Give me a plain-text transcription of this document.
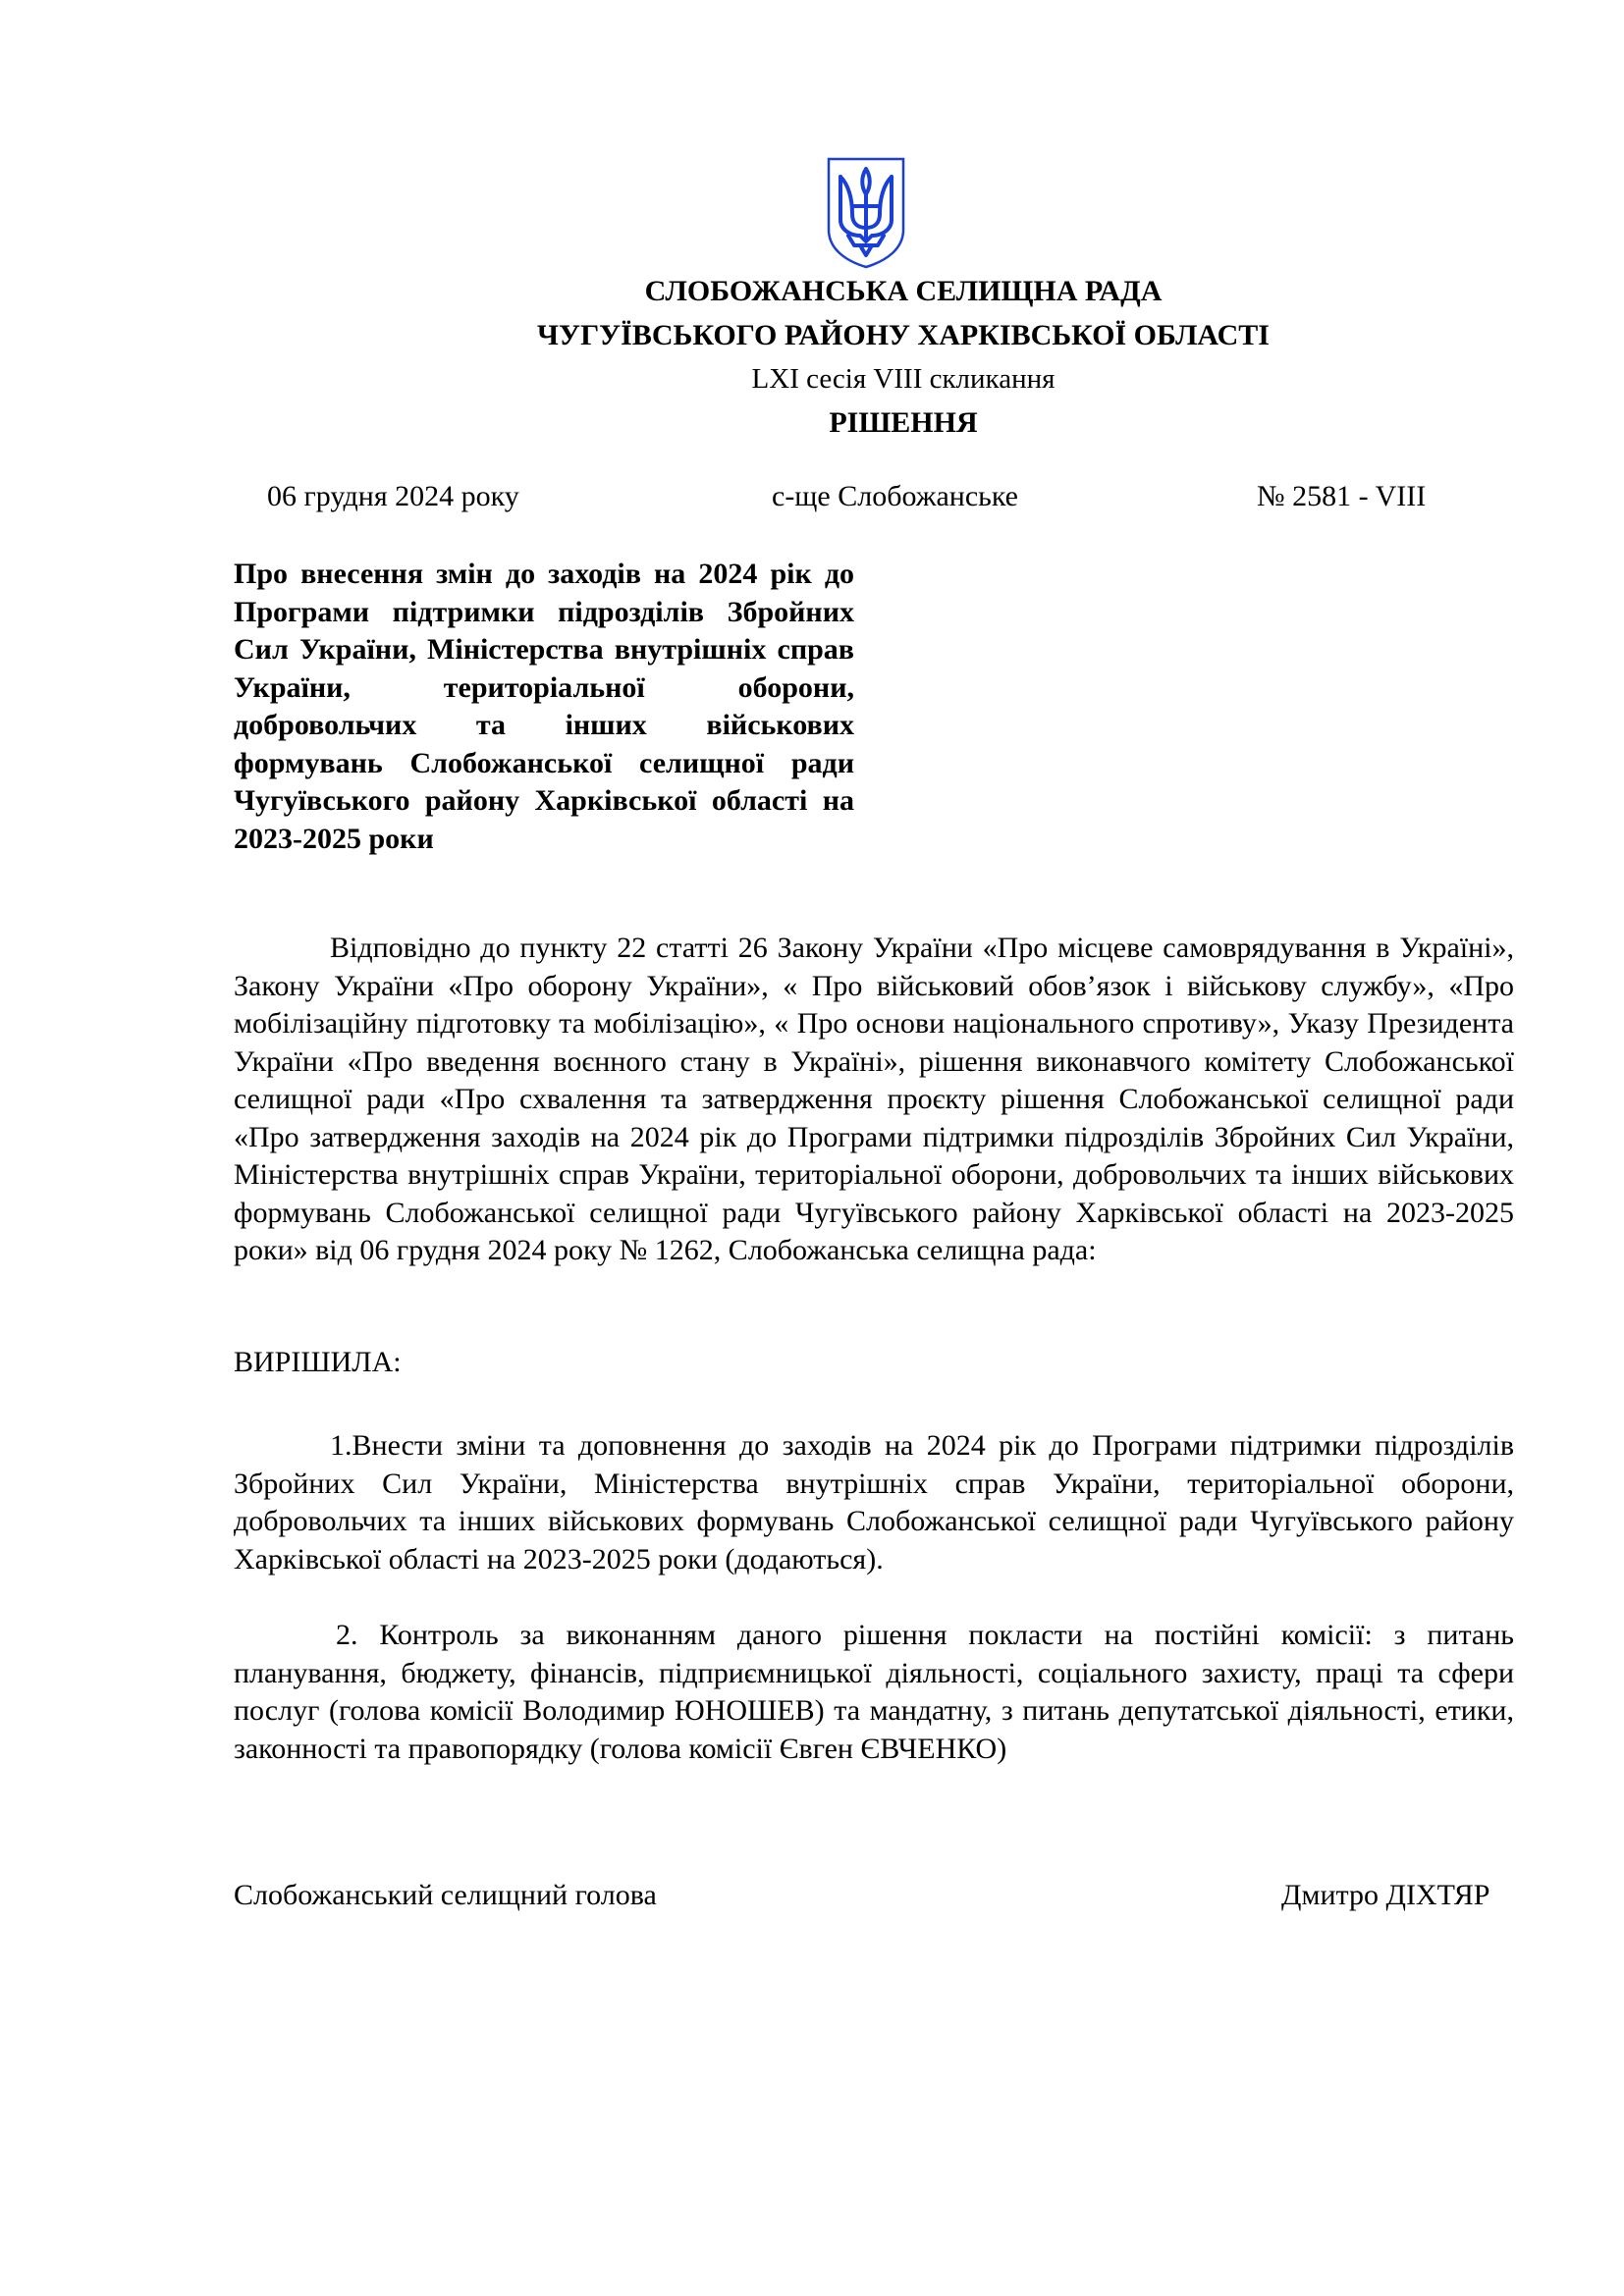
СЛОБОЖАНСЬКА СЕЛИЩНА РАДА
ЧУГУЇВСЬКОГО РАЙОНУ ХАРКІВСЬКОЇ ОБЛАСТІ
LXI сесія VIII скликання
РІШЕННЯ
06 грудня 2024 року	с-ще Слобожанське	№ 2581 - VIII
Про внесення змін до заходів на 2024 рік до Програми підтримки підрозділів Збройних Сил України, Міністерства внутрішніх справ України, територіальної оборони, добровольчих та інших військових формувань Слобожанської селищної ради Чугуївського району Харківської області на 2023-2025 роки
Відповідно до пункту 22 статті 26 Закону України «Про місцеве самоврядування в Україні», Закону України «Про оборону України», « Про військовий обов’язок і військову службу», «Про мобілізаційну підготовку та мобілізацію», « Про основи національного спротиву», Указу Президента України «Про введення воєнного стану в Україні», рішення виконавчого комітету Слобожанської селищної ради «Про схвалення та затвердження проєкту рішення Слобожанської селищної ради «Про затвердження заходів на 2024 рік до Програми підтримки підрозділів Збройних Сил України, Міністерства внутрішніх справ України, територіальної оборони, добровольчих та інших військових формувань Слобожанської селищної ради Чугуївського району Харківської області на 2023-2025 роки» від 06 грудня 2024 року № 1262, Слобожанська селищна рада:
ВИРІШИЛА:
1.Внести зміни та доповнення до заходів на 2024 рік до Програми підтримки підрозділів Збройних Сил України, Міністерства внутрішніх справ України, територіальної оборони, добровольчих та інших військових формувань Слобожанської селищної ради Чугуївського району Харківської області на 2023-2025 роки (додаються).
2. Контроль за виконанням даного рішення покласти на постійні комісії: з питань планування, бюджету, фінансів, підприємницької діяльності, соціального захисту, праці та сфери послуг (голова комісії Володимир ЮНОШЕВ) та мандатну, з питань депутатської діяльності, етики, законності та правопорядку (голова комісії Євген ЄВЧЕНКО)
Слобожанський селищний голова	Дмитро ДІХТЯР
